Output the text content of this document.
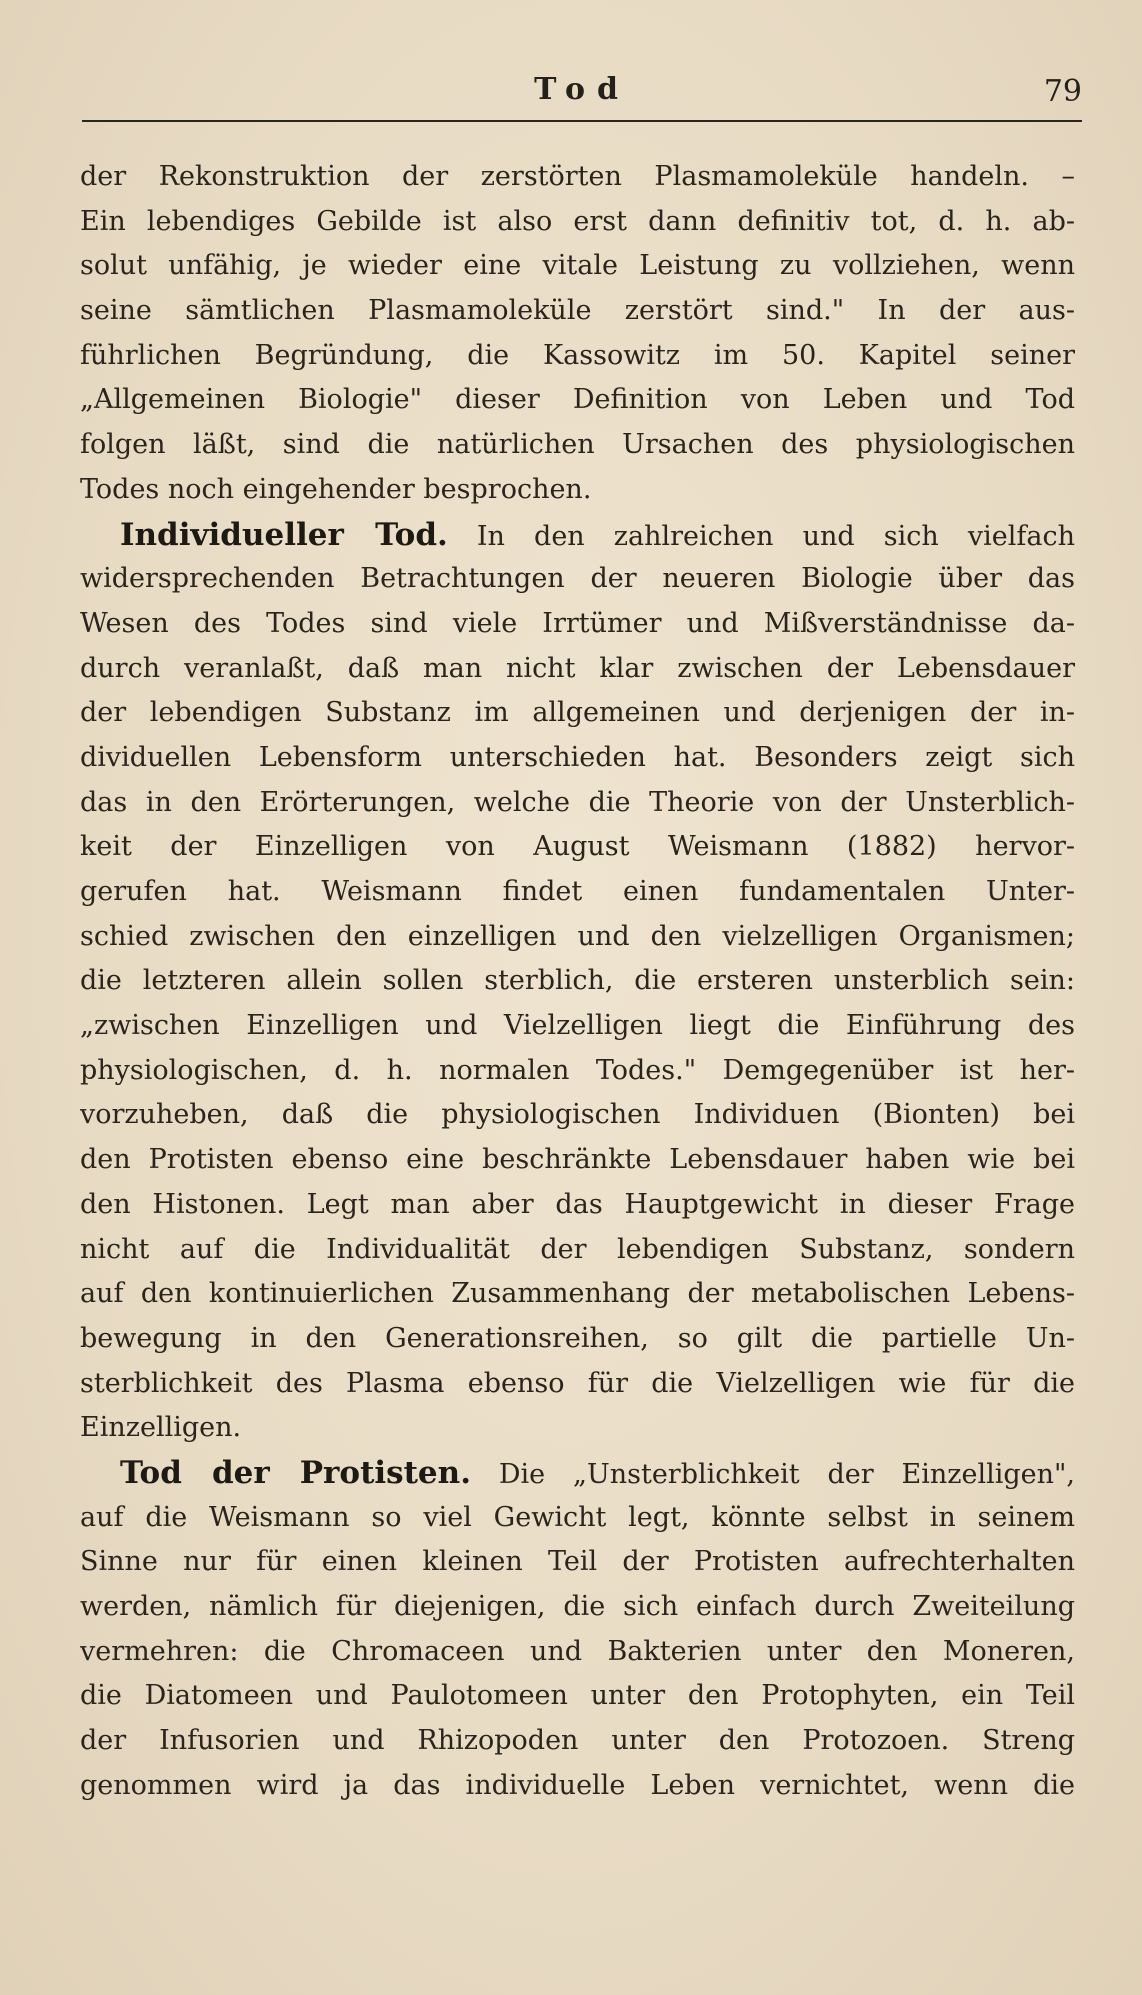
Tod	79
der Rekonstruktion der zerstörten Plasmamoleküle handeln. –
Ein lebendiges Gebilde ist also erst dann definitiv tot, d. h. ab-
solut unfähig, je wieder eine vitale Leistung zu vollziehen, wenn
seine sämtlichen Plasmamoleküle zerstört sind." In der aus-
führlichen Begründung, die Kassowitz im 50. Kapitel seiner
„Allgemeinen Biologie" dieser Definition von Leben und Tod
folgen läßt, sind die natürlichen Ursachen des physiologischen
Todes noch eingehender besprochen.
Individueller Tod. In den zahlreichen und sich vielfach
widersprechenden Betrachtungen der neueren Biologie über das
Wesen des Todes sind viele Irrtümer und Mißverständnisse da-
durch veranlaßt, daß man nicht klar zwischen der Lebensdauer
der lebendigen Substanz im allgemeinen und derjenigen der in-
dividuellen Lebensform unterschieden hat. Besonders zeigt sich
das in den Erörterungen, welche die Theorie von der Unsterblich-
keit der Einzelligen von August Weismann (1882) hervor-
gerufen hat. Weismann findet einen fundamentalen Unter-
schied zwischen den einzelligen und den vielzelligen Organismen;
die letzteren allein sollen sterblich, die ersteren unsterblich sein:
„zwischen Einzelligen und Vielzelligen liegt die Einführung des
physiologischen, d. h. normalen Todes." Demgegenüber ist her-
vorzuheben, daß die physiologischen Individuen (Bionten) bei
den Protisten ebenso eine beschränkte Lebensdauer haben wie bei
den Histonen. Legt man aber das Hauptgewicht in dieser Frage
nicht auf die Individualität der lebendigen Substanz, sondern
auf den kontinuierlichen Zusammenhang der metabolischen Lebens-
bewegung in den Generationsreihen, so gilt die partielle Un-
sterblichkeit des Plasma ebenso für die Vielzelligen wie für die
Einzelligen.
Tod der Protisten. Die „Unsterblichkeit der Einzelligen",
auf die Weismann so viel Gewicht legt, könnte selbst in seinem
Sinne nur für einen kleinen Teil der Protisten aufrechterhalten
werden, nämlich für diejenigen, die sich einfach durch Zweiteilung
vermehren: die Chromaceen und Bakterien unter den Moneren,
die Diatomeen und Paulotomeen unter den Protophyten, ein Teil
der Infusorien und Rhizopoden unter den Protozoen. Streng
genommen wird ja das individuelle Leben vernichtet, wenn die
